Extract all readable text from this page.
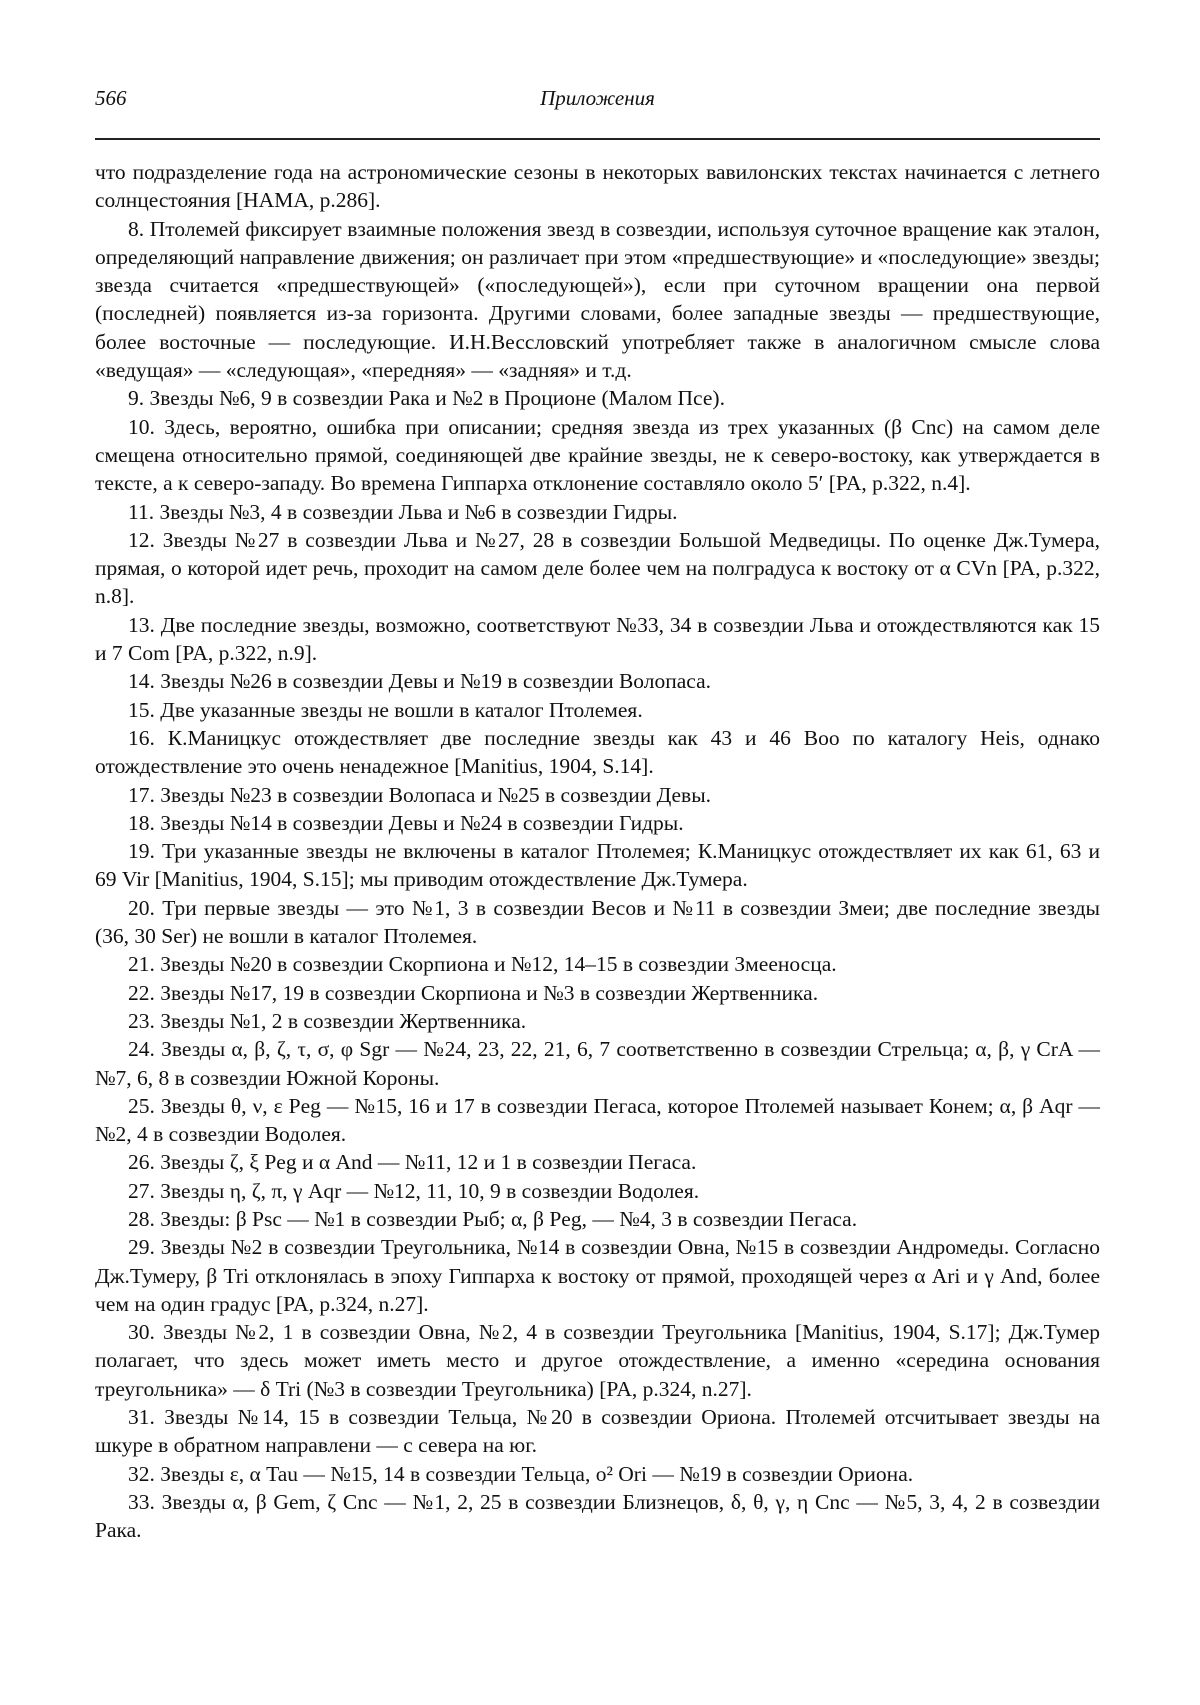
566	Приложения

что подразделение года на астрономические сезоны в некоторых вавилонских текстах начинается с летнего солнцестояния [HAMA, p.286].

8. Птолемей фиксирует взаимные положения звезд в созвездии, используя суточное вращение как эталон, определяющий направление движения; он различает при этом «предшествующие» и «последующие» звезды; звезда считается «предшествующей» («последующей»), если при суточном вращении она первой (последней) появляется из-за горизонта. Другими словами, более западные звезды — предшествующие, более восточные — последующие. И.Н.Вессловский употребляет также в аналогичном смысле слова «ведущая» — «следующая», «передняя» — «задняя» и т.д.

9. Звезды №6, 9 в созвездии Рака и №2 в Проционе (Малом Псе).

10. Здесь, вероятно, ошибка при описании; средняя звезда из трех указанных (β Cnc) на самом деле смещена относительно прямой, соединяющей две крайние звезды, не к северо-востоку, как утверждается в тексте, а к северо-западу. Во времена Гиппарха отклонение составляло около 5′ [PA, p.322, n.4].

11. Звезды №3, 4 в созвездии Льва и №6 в созвездии Гидры.

12. Звезды №27 в созвездии Льва и №27, 28 в созвездии Большой Медведицы. По оценке Дж.Тумера, прямая, о которой идет речь, проходит на самом деле более чем на полградуса к востоку от α CVn [PA, p.322, n.8].

13. Две последние звезды, возможно, соответствуют №33, 34 в созвездии Льва и отождествляются как 15 и 7 Com [PA, p.322, n.9].

14. Звезды №26 в созвездии Девы и №19 в созвездии Волопаса.

15. Две указанные звезды не вошли в каталог Птолемея.

16. К.Маницкус отождествляет две последние звезды как 43 и 46 Boo по каталогу Heis, однако отождествление это очень ненадежное [Manitius, 1904, S.14].

17. Звезды №23 в созвездии Волопаса и №25 в созвездии Девы.

18. Звезды №14 в созвездии Девы и №24 в созвездии Гидры.

19. Три указанные звезды не включены в каталог Птолемея; К.Маницкус отождествляет их как 61, 63 и 69 Vir [Manitius, 1904, S.15]; мы приводим отождествление Дж.Тумера.

20. Три первые звезды — это №1, 3 в созвездии Весов и №11 в созвездии Змеи; две последние звезды (36, 30 Ser) не вошли в каталог Птолемея.

21. Звезды №20 в созвездии Скорпиона и №12, 14–15 в созвездии Змееносца.

22. Звезды №17, 19 в созвездии Скорпиона и №3 в созвездии Жертвенника.

23. Звезды №1, 2 в созвездии Жертвенника.

24. Звезды α, β, ζ, τ, σ, φ Sgr — №24, 23, 22, 21, 6, 7 соответственно в созвездии Стрельца; α, β, γ CrA — №7, 6, 8 в созвездии Южной Короны.

25. Звезды θ, ν, ε Peg — №15, 16 и 17 в созвездии Пегаса, которое Птолемей называет Конем; α, β Aqr — №2, 4 в созвездии Водолея.

26. Звезды ζ, ξ Peg и α And — №11, 12 и 1 в созвездии Пегаса.

27. Звезды η, ζ, π, γ Aqr — №12, 11, 10, 9 в созвездии Водолея.

28. Звезды: β Psc — №1 в созвездии Рыб; α, β Peg, — №4, 3 в созвездии Пегаса.

29. Звезды №2 в созвездии Треугольника, №14 в созвездии Овна, №15 в созвездии Андромеды. Согласно Дж.Тумеру, β Tri отклонялась в эпоху Гиппарха к востоку от прямой, проходящей через α Ari и γ And, более чем на один градус [PA, p.324, n.27].

30. Звезды №2, 1 в созвездии Овна, №2, 4 в созвездии Треугольника [Manitius, 1904, S.17]; Дж.Тумер полагает, что здесь может иметь место и другое отождествление, а именно «середина основания треугольника» — δ Tri (№3 в созвездии Треугольника) [PA, p.324, n.27].

31. Звезды №14, 15 в созвездии Тельца, №20 в созвездии Ориона. Птолемей отсчитывает звезды на шкуре в обратном направлени — с севера на юг.

32. Звезды ε, α Tau — №15, 14 в созвездии Тельца, o² Ori — №19 в созвездии Ориона.

33. Звезды α, β Gem, ζ Cnc — №1, 2, 25 в созвездии Близнецов, δ, θ, γ, η Cnc — №5, 3, 4, 2 в созвездии Рака.
